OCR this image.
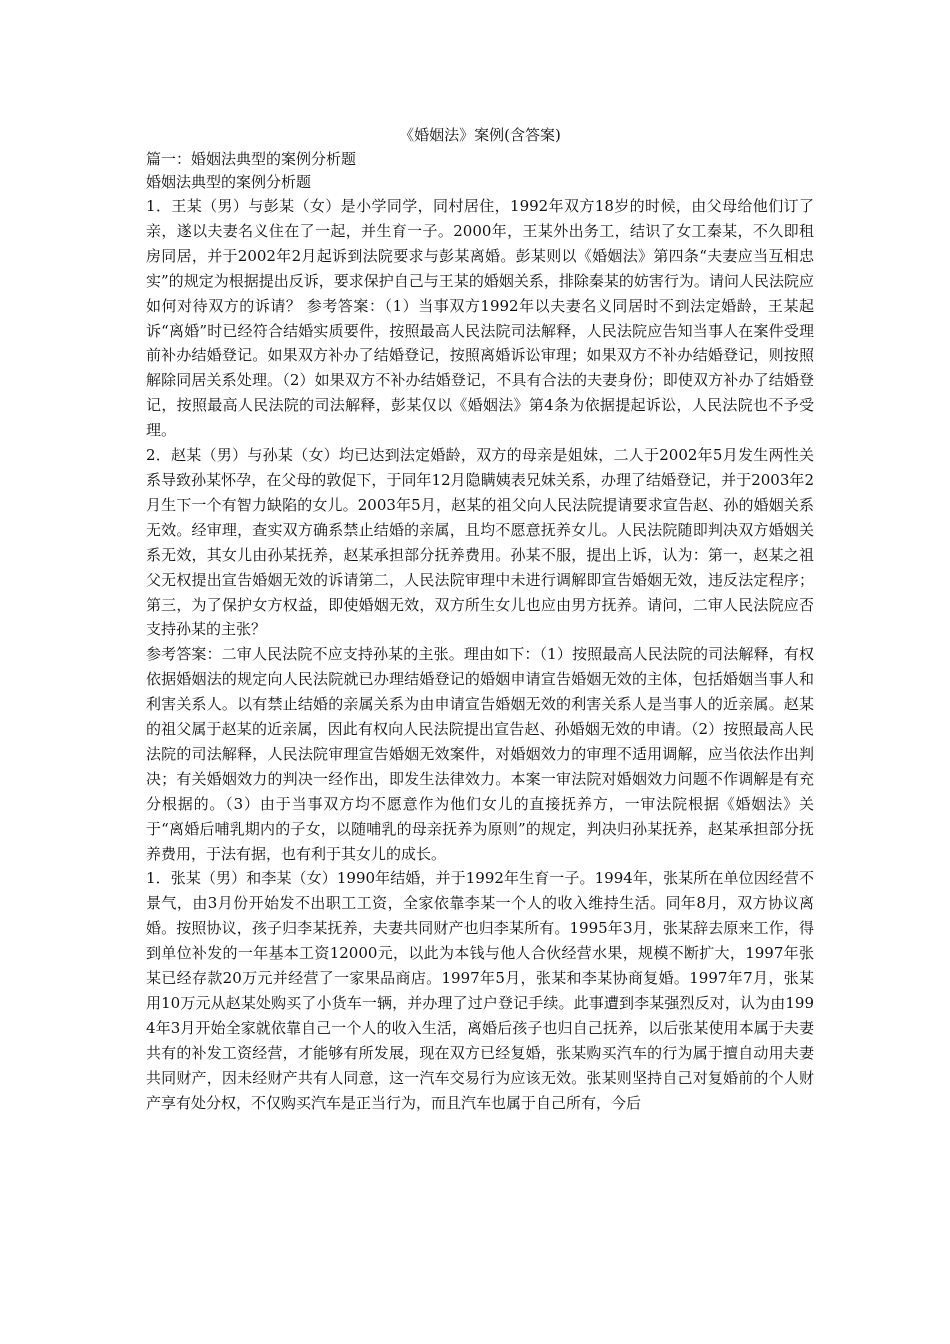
《婚姻法》案例(含答案)

篇一：婚姻法典型的案例分析题

婚姻法典型的案例分析题

1．王某（男）与彭某（女）是小学同学，同村居住，1992年双方18岁的时候，由父母给他们订了亲，遂以夫妻名义住在了一起，并生育一子。2000年，王某外出务工，结识了女工秦某，不久即租房同居，并于2002年2月起诉到法院要求与彭某离婚。彭某则以《婚姻法》第四条“夫妻应当互相忠实”的规定为根据提出反诉，要求保护自己与王某的婚姻关系，排除秦某的妨害行为。请问人民法院应如何对待双方的诉请？ 参考答案：（1）当事双方1992年以夫妻名义同居时不到法定婚龄，王某起诉“离婚”时已经符合结婚实质要件，按照最高人民法院司法解释，人民法院应告知当事人在案件受理前补办结婚登记。如果双方补办了结婚登记，按照离婚诉讼审理；如果双方不补办结婚登记，则按照解除同居关系处理。（2）如果双方不补办结婚登记，不具有合法的夫妻身份；即使双方补办了结婚登记，按照最高人民法院的司法解释，彭某仅以《婚姻法》第4条为依据提起诉讼，人民法院也不予受理。

2．赵某（男）与孙某（女）均已达到法定婚龄，双方的母亲是姐妹，二人于2002年5月发生两性关系导致孙某怀孕，在父母的敦促下，于同年12月隐瞒姨表兄妹关系，办理了结婚登记，并于2003年2月生下一个有智力缺陷的女儿。2003年5月，赵某的祖父向人民法院提请要求宣告赵、孙的婚姻关系无效。经审理，查实双方确系禁止结婚的亲属，且均不愿意抚养女儿。人民法院随即判决双方婚姻关系无效，其女儿由孙某抚养，赵某承担部分抚养费用。孙某不服，提出上诉，认为：第一，赵某之祖父无权提出宣告婚姻无效的诉请第二，人民法院审理中未进行调解即宣告婚姻无效，违反法定程序；第三，为了保护女方权益，即使婚姻无效，双方所生女儿也应由男方抚养。请问，二审人民法院应否支持孙某的主张？

参考答案：二审人民法院不应支持孙某的主张。理由如下：（1）按照最高人民法院的司法解释，有权依据婚姻法的规定向人民法院就已办理结婚登记的婚姻申请宣告婚姻无效的主体，包括婚姻当事人和利害关系人。以有禁止结婚的亲属关系为由申请宣告婚姻无效的利害关系人是当事人的近亲属。赵某的祖父属于赵某的近亲属，因此有权向人民法院提出宣告赵、孙婚姻无效的申请。（2）按照最高人民法院的司法解释，人民法院审理宣告婚姻无效案件，对婚姻效力的审理不适用调解，应当依法作出判决；有关婚姻效力的判决一经作出，即发生法律效力。本案一审法院对婚姻效力问题不作调解是有充分根据的。（3）由于当事双方均不愿意作为他们女儿的直接抚养方，一审法院根据《婚姻法》关于“离婚后哺乳期内的子女，以随哺乳的母亲抚养为原则”的规定，判决归孙某抚养，赵某承担部分抚养费用，于法有据，也有利于其女儿的成长。

1．张某（男）和李某（女）1990年结婚，并于1992年生育一子。1994年，张某所在单位因经营不景气，由3月份开始发不出职工工资，全家依靠李某一个人的收入维持生活。同年8月，双方协议离婚。按照协议，孩子归李某抚养，夫妻共同财产也归李某所有。1995年3月，张某辞去原来工作，得到单位补发的一年基本工资12000元，以此为本钱与他人合伙经营水果，规模不断扩大，1997年张某已经存款20万元并经营了一家果品商店。1997年5月，张某和李某协商复婚。1997年7月，张某用10万元从赵某处购买了小货车一辆，并办理了过户登记手续。此事遭到李某强烈反对，认为由1994年3月开始全家就依靠自己一个人的收入生活，离婚后孩子也归自己抚养，以后张某使用本属于夫妻共有的补发工资经营，才能够有所发展，现在双方已经复婚，张某购买汽车的行为属于擅自动用夫妻共同财产，因未经财产共有人同意，这一汽车交易行为应该无效。张某则坚持自己对复婚前的个人财产享有处分权，不仅购买汽车是正当行为，而且汽车也属于自己所有，今后
